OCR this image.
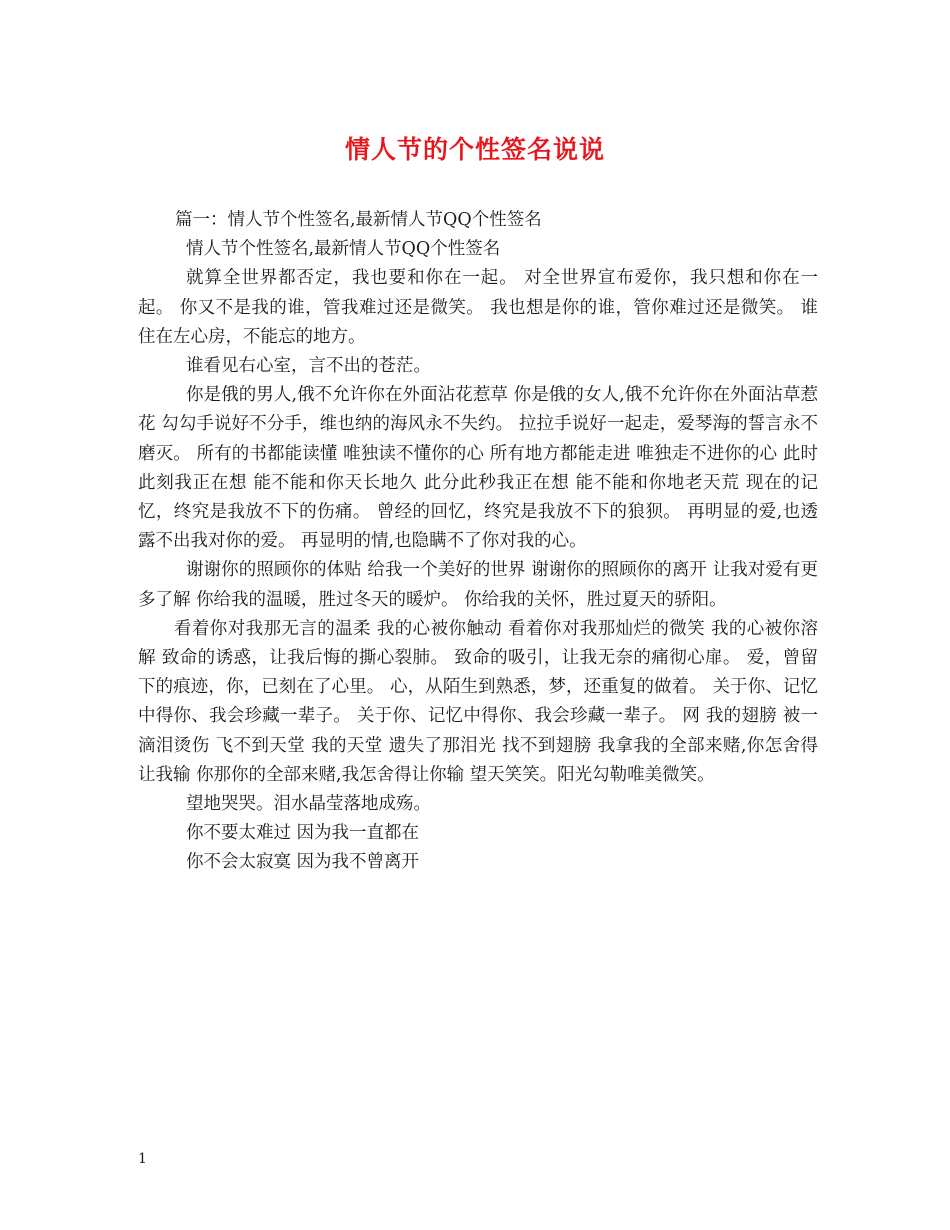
情人节的个性签名说说

篇一：情人节个性签名,最新情人节QQ个性签名

情人节个性签名,最新情人节QQ个性签名

就算全世界都否定，我也要和你在一起。 对全世界宣布爱你，我只想和你在一起。 你又不是我的谁，管我难过还是微笑。 我也想是你的谁，管你难过还是微笑。 谁住在左心房，不能忘的地方。

谁看见右心室，言不出的苍茫。

你是俄的男人,俄不允许你在外面沾花惹草 你是俄的女人,俄不允许你在外面沾草惹花 勾勾手说好不分手，维也纳的海风永不失约。 拉拉手说好一起走，爱琴海的誓言永不磨灭。 所有的书都能读懂 唯独读不懂你的心 所有地方都能走进 唯独走不进你的心 此时此刻我正在想 能不能和你天长地久 此分此秒我正在想 能不能和你地老天荒 现在的记忆，终究是我放不下的伤痛。 曾经的回忆，终究是我放不下的狼狈。 再明显的爱,也透露不出我对你的爱。 再显明的情,也隐瞒不了你对我的心。

谢谢你的照顾你的体贴 给我一个美好的世界 谢谢你的照顾你的离开 让我对爱有更多了解 你给我的温暖，胜过冬天的暖炉。 你给我的关怀，胜过夏天的骄阳。

看着你对我那无言的温柔 我的心被你触动 看着你对我那灿烂的微笑 我的心被你溶解 致命的诱惑，让我后悔的撕心裂肺。 致命的吸引，让我无奈的痛彻心扉。 爱，曾留下的痕迹，你，已刻在了心里。 心，从陌生到熟悉，梦，还重复的做着。 关于你、记忆中得你、我会珍藏一辈子。 关于你、记忆中得你、我会珍藏一辈子。 网 我的翅膀 被一滴泪烫伤 飞不到天堂 我的天堂 遗失了那泪光 找不到翅膀 我拿我的全部来赌,你怎舍得让我输 你那你的全部来赌,我怎舍得让你输 望天笑笑。阳光勾勒唯美微笑。

望地哭哭。泪水晶莹落地成殇。

你不要太难过 因为我一直都在

你不会太寂寞 因为我不曾离开

1
